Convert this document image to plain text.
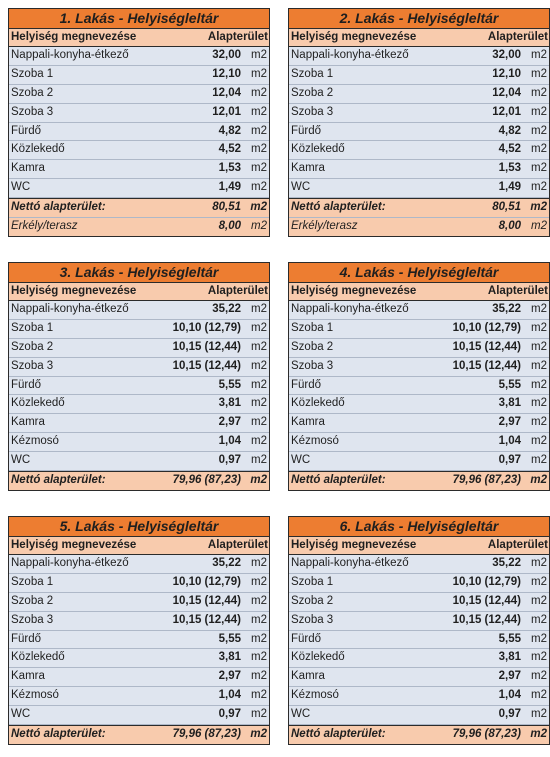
1. Lakás - Helyiségleltár
Helyiség megnevezése	Alapterület
Nappali-konyha-étkező	32,00 m2
Szoba 1	12,10 m2
Szoba 2	12,04 m2
Szoba 3	12,01 m2
Fürdő	4,82 m2
Közlekedő	4,52 m2
Kamra	1,53 m2
WC	1,49 m2
Nettó alapterület:	80,51 m2
Erkély/terasz	8,00 m2
2. Lakás - Helyiségleltár
Helyiség megnevezése	Alapterület
Nappali-konyha-étkező	32,00 m2
Szoba 1	12,10 m2
Szoba 2	12,04 m2
Szoba 3	12,01 m2
Fürdő	4,82 m2
Közlekedő	4,52 m2
Kamra	1,53 m2
WC	1,49 m2
Nettó alapterület:	80,51 m2
Erkély/terasz	8,00 m2
3. Lakás - Helyiségleltár
Helyiség megnevezése	Alapterület
Nappali-konyha-étkező	35,22 m2
Szoba 1	10,10 (12,79) m2
Szoba 2	10,15 (12,44) m2
Szoba 3	10,15 (12,44) m2
Fürdő	5,55 m2
Közlekedő	3,81 m2
Kamra	2,97 m2
Kézmosó	1,04 m2
WC	0,97 m2
Nettó alapterület:	79,96 (87,23) m2
4. Lakás - Helyiségleltár
Helyiség megnevezése	Alapterület
Nappali-konyha-étkező	35,22 m2
Szoba 1	10,10 (12,79) m2
Szoba 2	10,15 (12,44) m2
Szoba 3	10,15 (12,44) m2
Fürdő	5,55 m2
Közlekedő	3,81 m2
Kamra	2,97 m2
Kézmosó	1,04 m2
WC	0,97 m2
Nettó alapterület:	79,96 (87,23) m2
5. Lakás - Helyiségleltár
Helyiség megnevezése	Alapterület
Nappali-konyha-étkező	35,22 m2
Szoba 1	10,10 (12,79) m2
Szoba 2	10,15 (12,44) m2
Szoba 3	10,15 (12,44) m2
Fürdő	5,55 m2
Közlekedő	3,81 m2
Kamra	2,97 m2
Kézmosó	1,04 m2
WC	0,97 m2
Nettó alapterület:	79,96 (87,23) m2
6. Lakás - Helyiségleltár
Helyiség megnevezése	Alapterület
Nappali-konyha-étkező	35,22 m2
Szoba 1	10,10 (12,79) m2
Szoba 2	10,15 (12,44) m2
Szoba 3	10,15 (12,44) m2
Fürdő	5,55 m2
Közlekedő	3,81 m2
Kamra	2,97 m2
Kézmosó	1,04 m2
WC	0,97 m2
Nettó alapterület:	79,96 (87,23) m2
